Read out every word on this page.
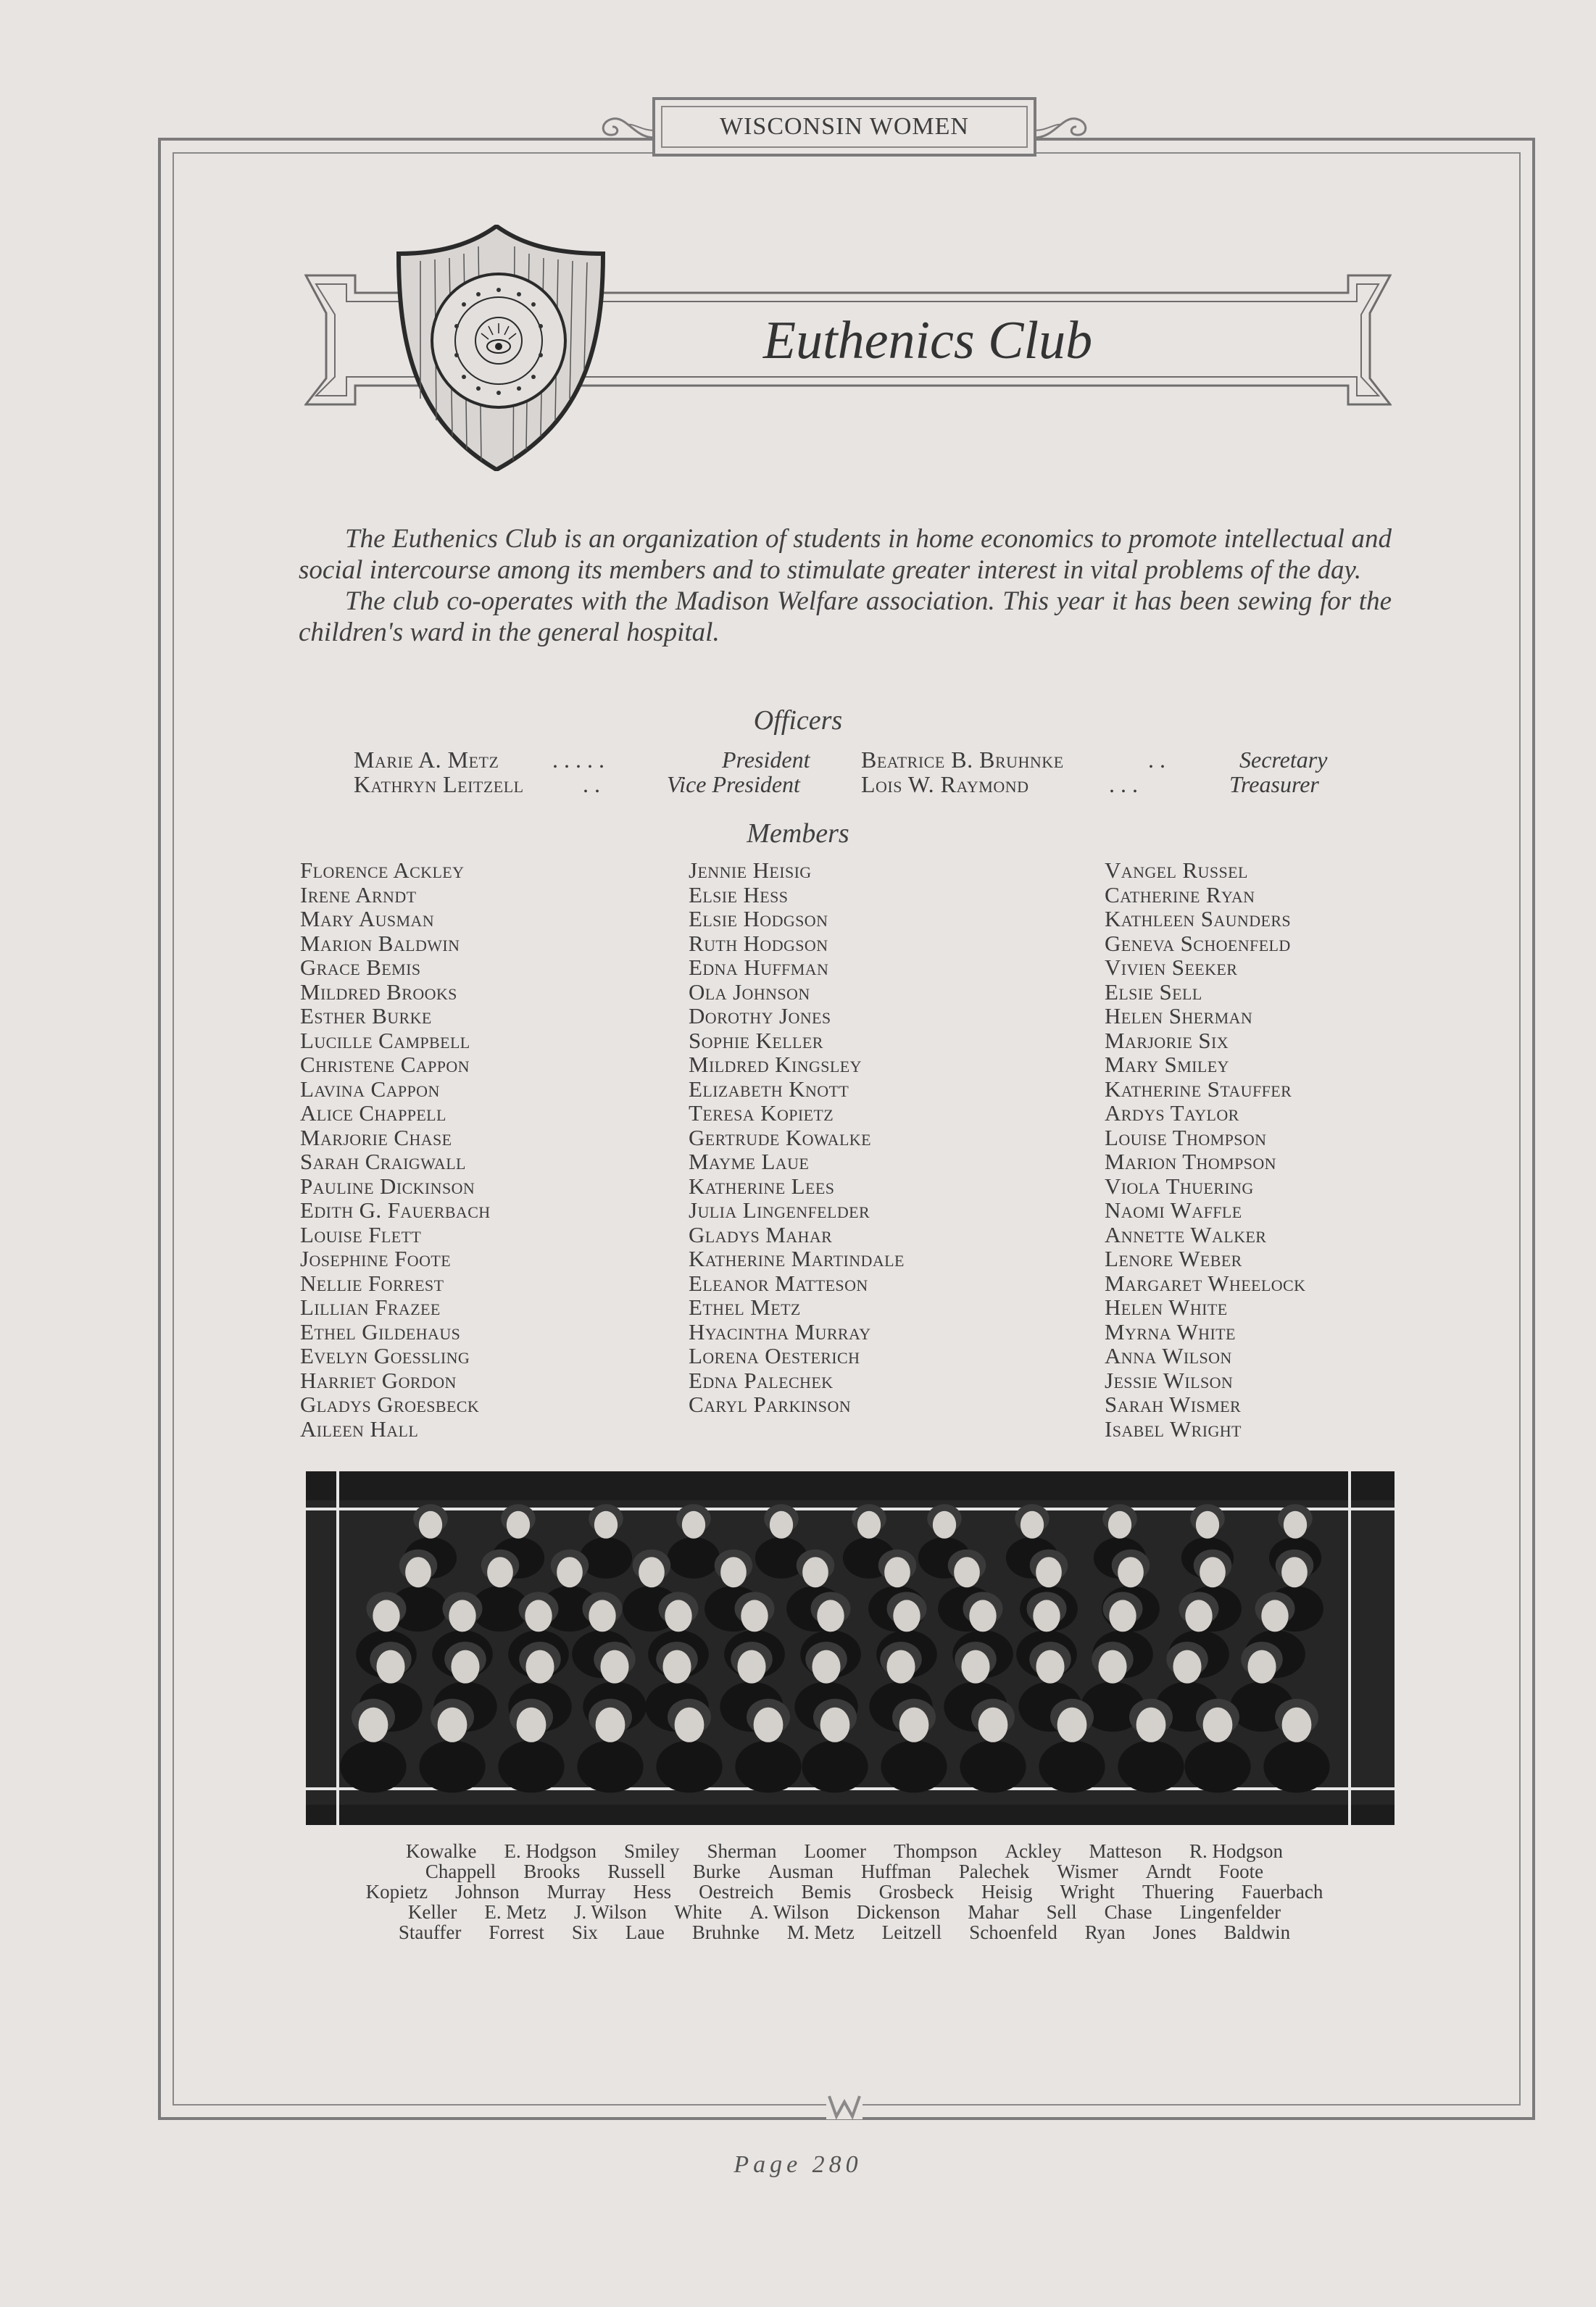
WISCONSIN WOMEN
Euthenics Club

The Euthenics Club is an organization of students in home economics to promote intellectual and social intercourse among its members and to stimulate greater interest in vital problems of the day.

The club co-operates with the Madison Welfare association. This year it has been sewing for the children's ward in the general hospital.

Officers
Marie A. Metz . . . . .	President Beatrice B. Bruhnke	. .	Secretary
Kathryn Leitzell	. .	Vice President	Lois W. Raymond	. . .	Treasurer
Members
Florence Ackley
Irene Arndt
Mary Ausman
Marion Baldwin
Grace Bemis
Mildred Brooks
Esther Burke
Lucille Campbell
Christene Cappon
Lavina Cappon
Alice Chappell
Marjorie Chase
Sarah Craigwall
Pauline Dickinson
Edith G. Fauerbach
Louise Flett
Josephine Foote
Nellie Forrest
Lillian Frazee
Ethel Gildehaus
Evelyn Goessling
Harriet Gordon
Gladys Groesbeck
Aileen Hall
Jennie Heisig
Elsie Hess
Elsie Hodgson
Ruth Hodgson
Edna Huffman
Ola Johnson
Dorothy Jones
Sophie Keller
Mildred Kingsley
Elizabeth Knott
Teresa Kopietz
Gertrude Kowalke
Mayme Laue
Katherine Lees
Julia Lingenfelder
Gladys Mahar
Katherine Martindale
Eleanor Matteson
Ethel Metz
Hyacintha Murray
Lorena Oesterich
Edna Palechek
Caryl Parkinson
Vangel Russel
Catherine Ryan
Kathleen Saunders
Geneva Schoenfeld
Vivien Seeker
Elsie Sell
Helen Sherman
Marjorie Six
Mary Smiley
Katherine Stauffer
Ardys Taylor
Louise Thompson
Marion Thompson
Viola Thuering
Naomi Waffle
Annette Walker
Lenore Weber
Margaret Wheelock
Helen White
Myrna White
Anna Wilson
Jessie Wilson
Sarah Wismer
Isabel Wright
Kowalke E. Hodgson Smiley Sherman Loomer Thompson Ackley Matteson R. Hodgson
Chappell Brooks Russell Burke Ausman Huffman Palechek Wismer Arndt Foote
Kopietz Johnson Murray Hess Oestreich Bemis Grosbeck Heisig Wright Thuering Fauerbach
Keller E. Metz J. Wilson White A. Wilson Dickenson Mahar Sell Chase Lingenfelder
Stauffer Forrest Six Laue Bruhnke M. Metz Leitzell Schoenfeld Ryan Jones Baldwin
Page 280
